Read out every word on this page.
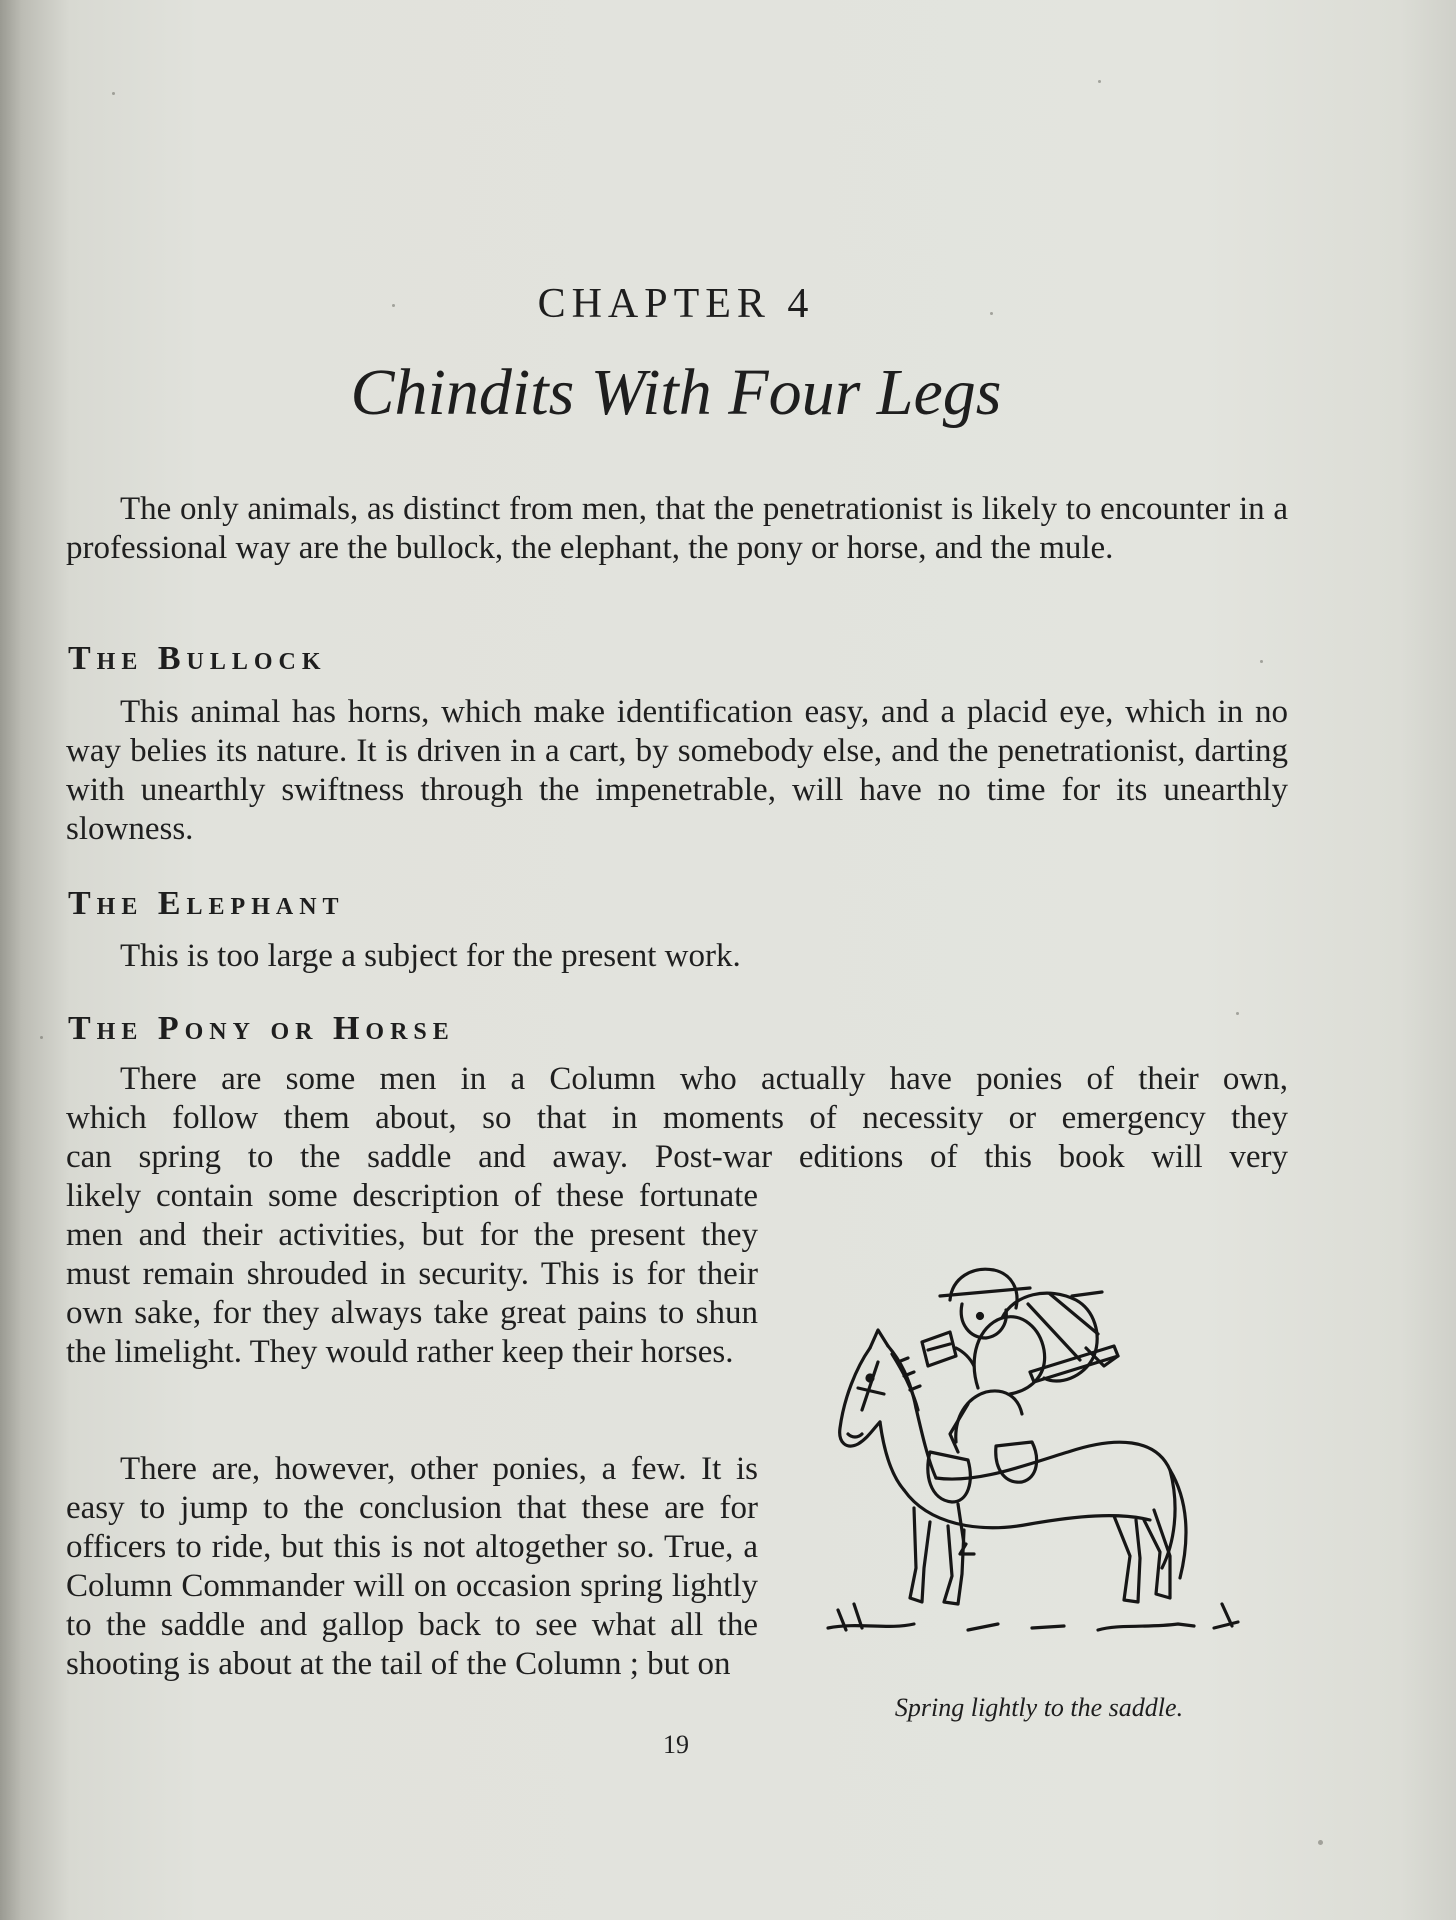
CHAPTER 4
Chindits With Four Legs

The only animals, as distinct from men, that the penetrationist is likely to encounter in a professional way are the bullock, the elephant, the pony or horse, and the mule.

The Bullock

This animal has horns, which make identification easy, and a placid eye, which in no way belies its nature. It is driven in a cart, by somebody else, and the penetrationist, darting with unearthly swiftness through the impenetrable, will have no time for its unearthly slowness.

The Elephant

This is too large a subject for the present work.

The Pony or Horse

There are some men in a Column who actually have ponies of their own,
which follow them about, so that in moments of necessity or emergency they
can spring to the saddle and away. Post-war editions of this book will very

likely contain some description of these fortunate men and their activities, but for the present they must remain shrouded in security. This is for their own sake, for they always take great pains to shun the limelight. They would rather keep their horses.

There are, however, other ponies, a few. It is easy to jump to the conclusion that these are for officers to ride, but this is not altogether so. True, a Column Commander will on occasion spring lightly to the saddle and gallop back to see what all the shooting is about at the tail of the Column ; but on

Spring lightly to the saddle.
19
